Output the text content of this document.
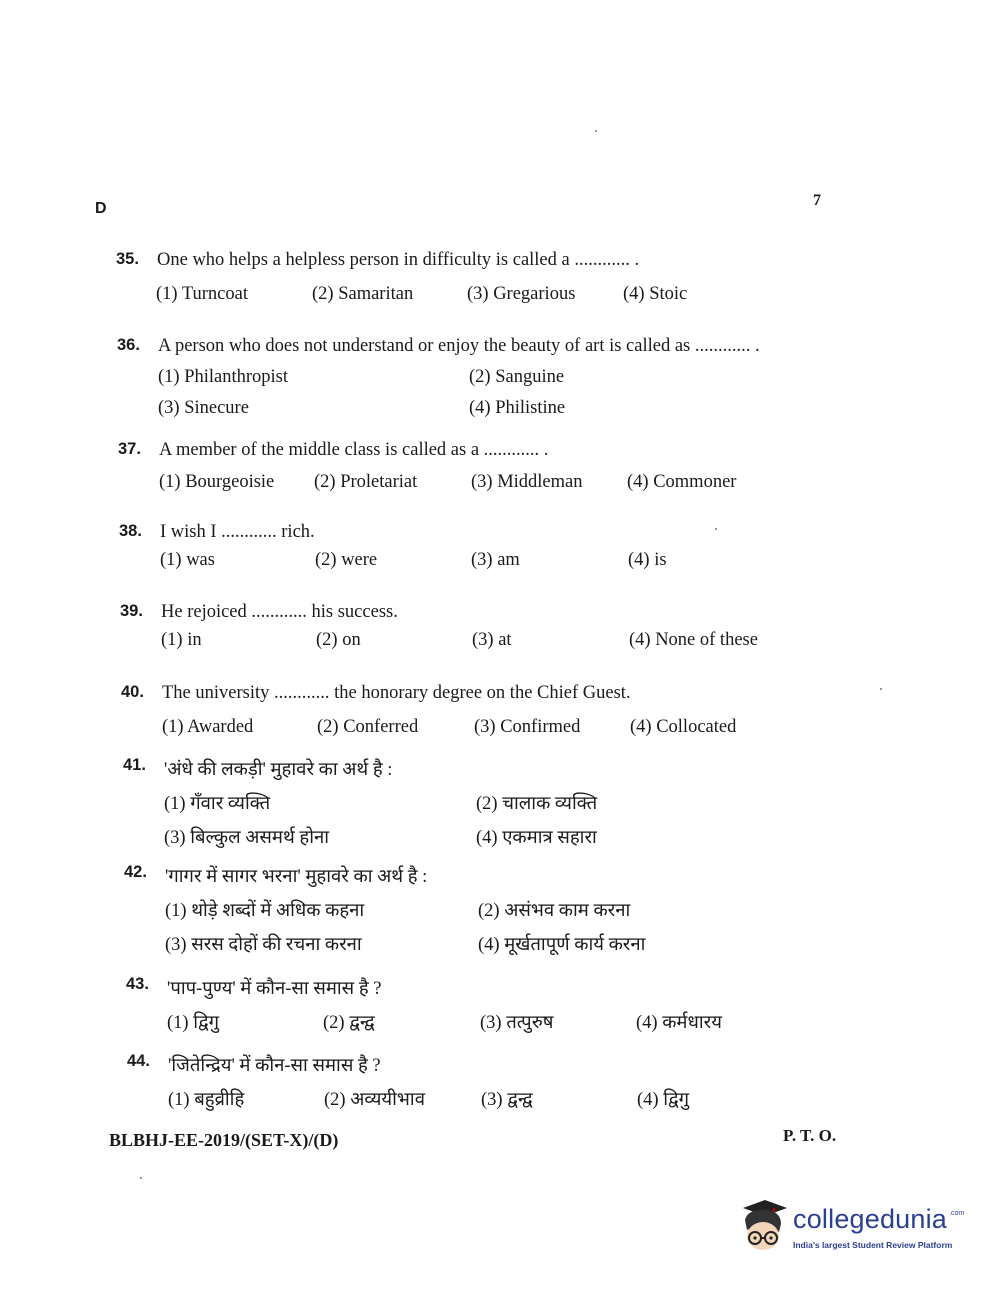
D	7
35. One who helps a helpless person in difficulty is called a ............ .
(1) Turncoat	(2) Samaritan	(3) Gregarious	(4) Stoic
36. A person who does not understand or enjoy the beauty of art is called as ............ .
(1) Philanthropist	(2) Sanguine
(3) Sinecure	(4) Philistine
37. A member of the middle class is called as a ............ .
(1) Bourgeoisie (2) Proletariat	(3) Middleman (4) Commoner
38. I wish I ............ rich.
(1) was	(2) were	(3) am	(4) is
39. He rejoiced ............ his success.
(1) in	(2) on	(3) at	(4) None of these
40. The university ............ the honorary degree on the Chief Guest.
(1) Awarded	(2) Conferred	(3) Confirmed	(4) Collocated
41. 'अंधे की लकड़ी' मुहावरे का अर्थ है :
(1) गँवार व्यक्ति	(2) चालाक व्यक्ति
(3) बिल्कुल असमर्थ होना	(4) एकमात्र सहारा
42. 'गागर में सागर भरना' मुहावरे का अर्थ है :
(1) थोड़े शब्दों में अधिक कहना	(2) असंभव काम करना
(3) सरस दोहों की रचना करना	(4) मूर्खतापूर्ण कार्य करना
43. 'पाप-पुण्य' में कौन-सा समास है ?
(1) द्विगु	(2) द्वन्द्व	(3) तत्पुरुष	(4) कर्मधारय
44. 'जितेन्द्रिय' में कौन-सा समास है ?
(1) बहुव्रीहि	(2) अव्ययीभाव	(3) द्वन्द्व	(4) द्विगु
BLBHJ-EE-2019/(SET-X)/(D)	P. T. O.
collegedunia .com
India's largest Student Review Platform
